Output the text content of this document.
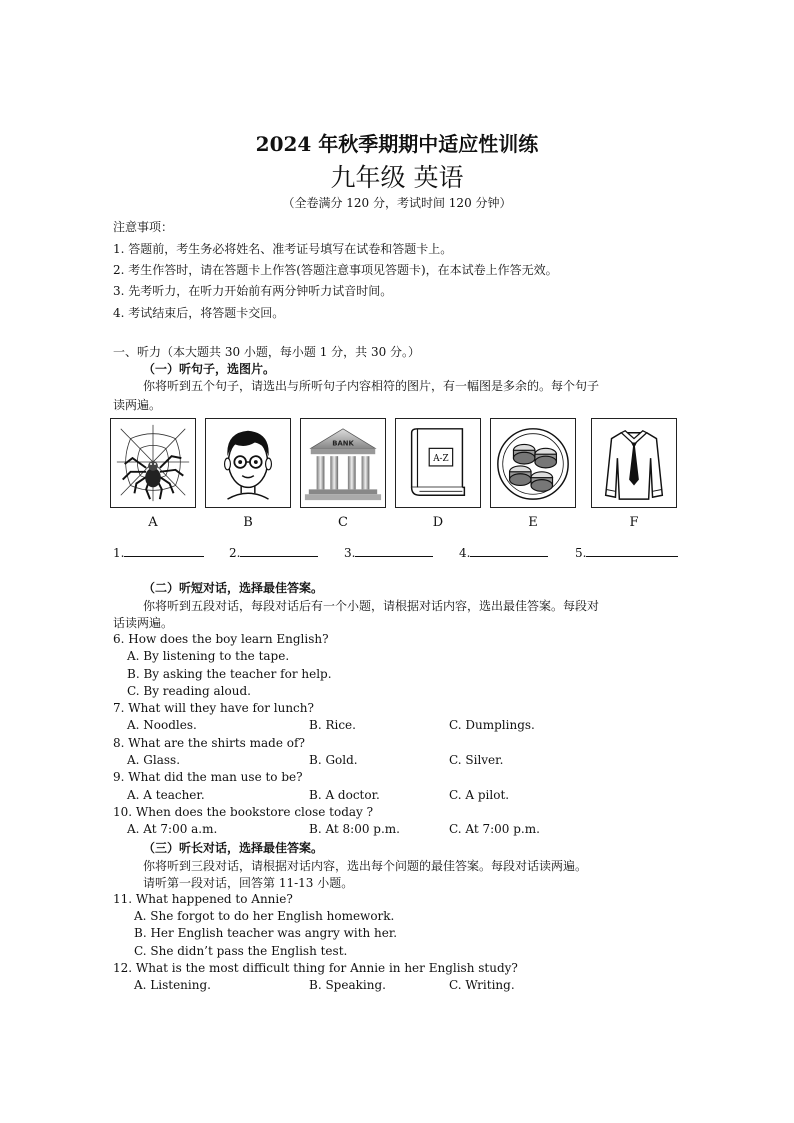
2024 年秋季期期中适应性训练
九年级 英语
（全卷满分 120 分，考试时间 120 分钟）
注意事项：
1. 答题前，考生务必将姓名、准考证号填写在试卷和答题卡上。
2. 考生作答时，请在答题卡上作答(答题注意事项见答题卡)，在本试卷上作答无效。
3. 先考听力，在听力开始前有两分钟听力试音时间。
4. 考试结束后，将答题卡交回。
一、听力（本大题共 30 小题，每小题 1 分，共 30 分。）
（一）听句子，选图片。
你将听到五个句子，请选出与所听句子内容相符的图片，有一幅图是多余的。每个句子
读两遍。
BANK
A-Z
A	B	C	D	E	F
1.	2.	3.	4.	5.
（二）听短对话，选择最佳答案。
你将听到五段对话，每段对话后有一个小题，请根据对话内容，选出最佳答案。每段对
话读两遍。
6. How does the boy learn English?
A. By listening to the tape.
B. By asking the teacher for help.
C. By reading aloud.
7. What will they have for lunch?
A. Noodles.	B. Rice.	C. Dumplings.
8. What are the shirts made of?
A. Glass.	B. Gold.	C. Silver.
9. What did the man use to be?
A. A teacher.	B. A doctor.	C. A pilot.
10. When does the bookstore close today ?
A. At 7:00 a.m.	B. At 8:00 p.m.	C. At 7:00 p.m.
（三）听长对话，选择最佳答案。
你将听到三段对话，请根据对话内容，选出每个问题的最佳答案。每段对话读两遍。
请听第一段对话，回答第 11-13 小题。
11. What happened to Annie?
A. She forgot to do her English homework.
B. Her English teacher was angry with her.
C. She didn’t pass the English test.
12. What is the most difficult thing for Annie in her English study?
A. Listening.	B. Speaking.	C. Writing.
